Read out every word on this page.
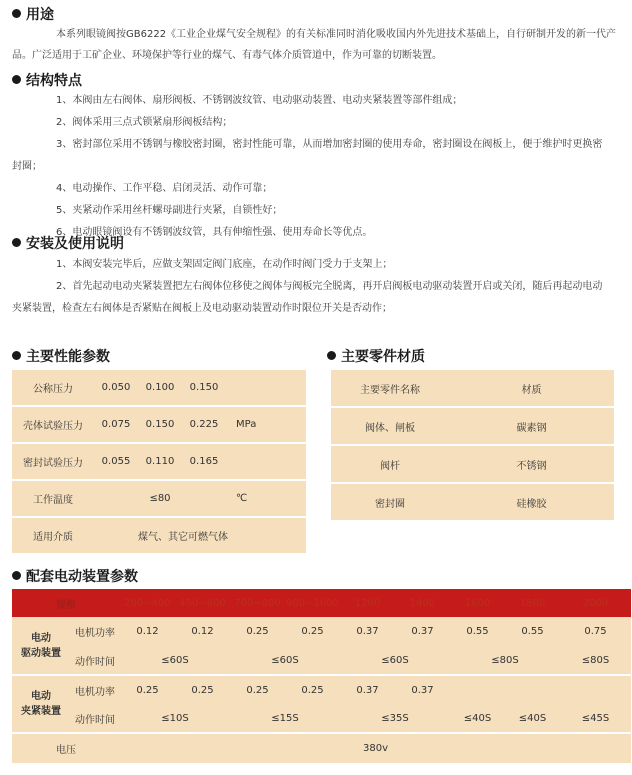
用途

本系列眼镜阀按GB6222《工业企业煤气安全规程》的有关标准同时消化吸收国内外先进技术基础上，自行研制开发的新一代产

品。广泛适用于工矿企业、环境保护等行业的煤气、有毒气体介质管道中，作为可靠的切断装置。

结构特点

1、本阀由左右阀体、扇形阀板、不锈钢波纹管、电动驱动装置、电动夹紧装置等部件组成；

2、阀体采用三点式锁紧扇形阀板结构；

3、密封部位采用不锈钢与橡胶密封圈，密封性能可靠，从而增加密封圈的使用寿命，密封圈设在阀板上，便于维护时更换密

封圈；

4、电动操作、工作平稳、启闭灵活、动作可靠；

5、夹紧动作采用丝杆螺母副进行夹紧，自锁性好；

6、电动眼镜阀设有不锈钢波纹管，具有伸缩性强、使用寿命长等优点。

安装及使用说明

1、本阀安装完毕后，应做支架固定阀门底座，在动作时阀门受力于支架上；

2、首先起动电动夹紧装置把左右阀体位移使之阀体与阀板完全脱离，再开启阀板电动驱动装置开启或关闭，随后再起动电动

夹紧装置，检查左右阀体是否紧贴在阀板上及电动驱动装置动作时限位开关是否动作；

主要性能参数
公称压力	0.050	0.100	0.150	
壳体试验压力	0.075	0.150	0.225	MPa
密封试验压力	0.055	0.110	0.165	
工作温度		≤80		℃
适用介质	煤气、其它可燃气体			
主要零件材质
主要零件名称	材质
阀体、闸板	碳素钢
阀杆	不锈钢
密封圈	硅橡胶
配套电动装置参数
规格		200~400	450~600	700~800	900~1000	1200	1400	1600	1800	2000

电动
驱动装置	电机功率	0.12	0.12	0.25	0.25	0.37	0.37	0.55	0.55	0.75
	动作时间	≤60S		≤60S		≤60S		≤80S		≤80S

电动
夹紧装置	电机功率	0.25	0.25	0.25	0.25	0.37	0.37			
	动作时间	≤10S		≤15S		≤35S		≤40S	≤40S	≤45S
电压		380v								
